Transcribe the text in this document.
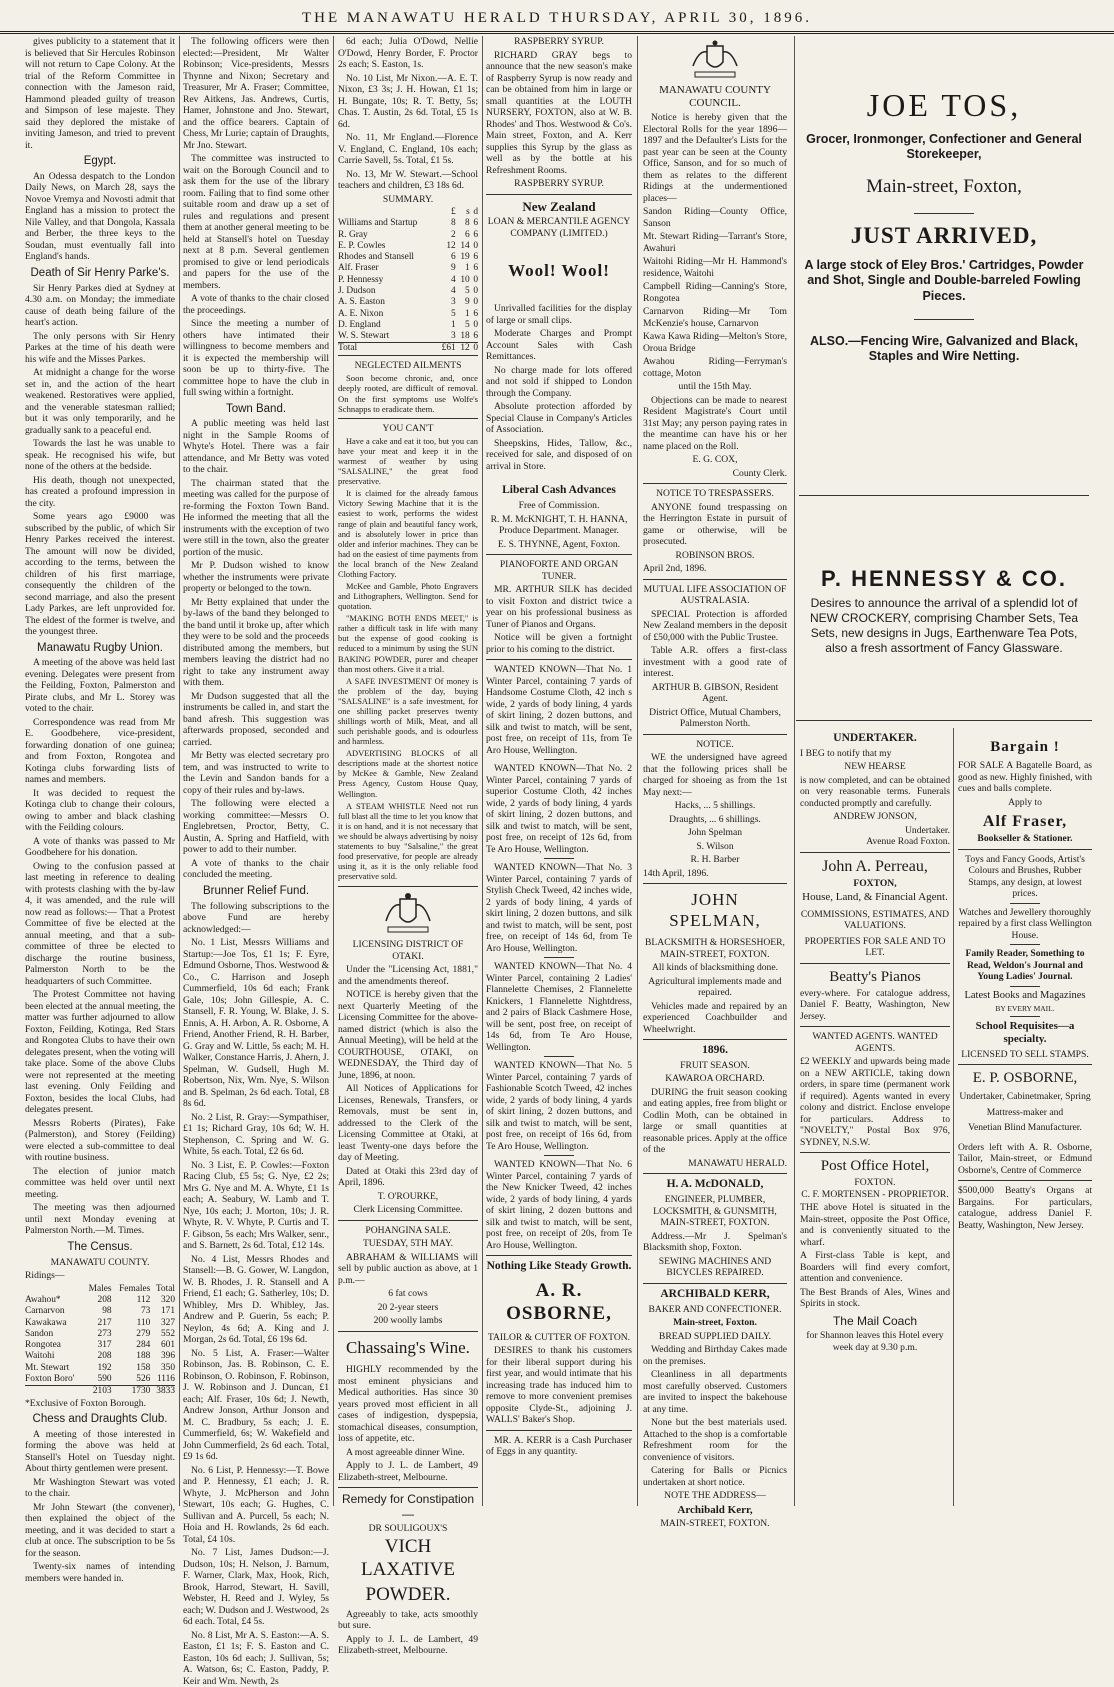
THE MANAWATU HERALD THURSDAY, APRIL 30, 1896.

gives publicity to a statement that it is believed that Sir Hercules Robinson will not return to Cape Colony. At the trial of the Reform Committee in connection with the Jameson raid, Hammond pleaded guilty of treason and Simpson of lese majeste. They said they deplored the mistake of inviting Jameson, and tried to prevent it.

Egypt.

An Odessa despatch to the London Daily News, on March 28, says the Novoe Vremya and Novosti admit that England has a mission to protect the Nile Valley, and that Dongola, Kassala and Berber, the three keys to the Soudan, must eventually fall into England's hands.

Death of Sir Henry Parke's.

Sir Henry Parkes died at Sydney at 4.30 a.m. on Monday; the immediate cause of death being failure of the heart's action.

The only persons with Sir Henry Parkes at the time of his death were his wife and the Misses Parkes.

At midnight a change for the worse set in, and the action of the heart weakened. Restoratives were applied, and the venerable statesman rallied; but it was only temporarily, and he gradually sank to a peaceful end.

Towards the last he was unable to speak. He recognised his wife, but none of the others at the bedside.

His death, though not unexpected, has created a profound impression in the city.

Some years ago £9000 was subscribed by the public, of which Sir Henry Parkes received the interest. The amount will now be divided, according to the terms, between the children of his first marriage, consequently the children of the second marriage, and also the present Lady Parkes, are left unprovided for. The eldest of the former is twelve, and the youngest three.

Manawatu Rugby Union.

A meeting of the above was held last evening. Delegates were present from the Feilding, Foxton, Palmerston and Pirate clubs, and Mr L. Storey was voted to the chair.

Correspondence was read from Mr E. Goodbehere, vice-president, forwarding donation of one guinea; and from Foxton, Rongotea and Kotinga clubs forwarding lists of names and members.

It was decided to request the Kotinga club to change their colours, owing to amber and black clashing with the Feilding colours.

A vote of thanks was passed to Mr Goodbehere for his donation.

Owing to the confusion passed at last meeting in reference to dealing with protests clashing with the by-law 4, it was amended, and the rule will now read as follows:— That a Protest Committee of five be elected at the annual meeting, and that a sub-committee of three be elected to discharge the routine business, Palmerston North to be the headquarters of such Committee.

The Protest Committee not having been elected at the annual meeting, the matter was further adjourned to allow Foxton, Feilding, Kotinga, Red Stars and Rongotea Clubs to have their own delegates present, when the voting will take place. Some of the above Clubs were not represented at the meeting last evening. Only Feilding and Foxton, besides the local Clubs, had delegates present.

Messrs Roberts (Pirates), Fake (Palmerston), and Storey (Feilding) were elected a sub-committee to deal with routine business.

The election of junior match committee was held over until next meeting.

The meeting was then adjourned until next Monday evening at Palmerston North.—M. Times.

The Census.

MANAWATU COUNTY.

Ridings—

	Males	Females	Total
Awahou*	208	112	320
Carnarvon	98	73	171
Kawakawa	217	110	327
Sandon	273	279	552
Rongotea	317	284	601
Waitohi	208	188	396
Mt. Stewart	192	158	350
Foxton Boro'	590	526	1116
	2103	1730	3833

*Exclusive of Foxton Borough.

Chess and Draughts Club.

A meeting of those interested in forming the above was held at Stansell's Hotel on Tuesday night. About thirty gentlemen were present.

Mr Washington Stewart was voted to the chair.

Mr John Stewart (the convener), then explained the object of the meeting, and it was decided to start a club at once. The subscription to be 5s for the season.

Twenty-six names of intending members were handed in.

The following officers were then elected:—President, Mr Walter Robinson; Vice-presidents, Messrs Thynne and Nixon; Secretary and Treasurer, Mr A. Fraser; Committee, Rev Aitkens, Jas. Andrews, Curtis, Hamer, Johnstone and Jno. Stewart, and the office bearers. Captain of Chess, Mr Lurie; captain of Draughts, Mr Jno. Stewart.

The committee was instructed to wait on the Borough Council and to ask them for the use of the library room. Failing that to find some other suitable room and draw up a set of rules and regulations and present them at another general meeting to be held at Stansell's hotel on Tuesday next at 8 p.m. Several gentlemen promised to give or lend periodicals and papers for the use of the members.

A vote of thanks to the chair closed the proceedings.

Since the meeting a number of others have intimated their willingness to become members and it is expected the membership will soon be up to thirty-five. The committee hope to have the club in full swing within a fortnight.

Town Band.

A public meeting was held last night in the Sample Rooms of Whyte's Hotel. There was a fair attendance, and Mr Betty was voted to the chair.

The chairman stated that the meeting was called for the purpose of re-forming the Foxton Town Band. He informed the meeting that all the instruments with the exception of two were still in the town, also the greater portion of the music.

Mr P. Dudson wished to know whether the instruments were private property or belonged to the town.

Mr Betty explained that under the by-laws of the band they belonged to the band until it broke up, after which they were to be sold and the proceeds distributed among the members, but members leaving the district had no right to take any instrument away with them.

Mr Dudson suggested that all the instruments be called in, and start the band afresh. This suggestion was afterwards proposed, seconded and carried.

Mr Betty was elected secretary pro tem, and was instructed to write to the Levin and Sandon bands for a copy of their rules and by-laws.

The following were elected a working committee:—Messrs O. Englebretsen, Proctor, Betty, C. Austin, A. Spring and Hatfield, with power to add to their number.

A vote of thanks to the chair concluded the meeting.

Brunner Relief Fund.

The following subscriptions to the above Fund are hereby acknowledged:—

No. 1 List, Messrs Williams and Startup:—Joe Tos, £1 1s; F. Eyre, Edmund Osborne, Thos. Westwood & Co., C. Harrison and Joseph Cummerfield, 10s 6d each; Frank Gale, 10s; John Gillespie, A. C. Stansell, F. R. Young, W. Blake, J. S. Ennis, A. H. Arbon, A. R. Osborne, A Friend, Another Friend, R. H. Barber, G. Gray and W. Little, 5s each; M. H. Walker, Constance Harris, J. Ahern, J. Spelman, W. Gudsell, Hugh M. Robertson, Nix, Wm. Nye, S. Wilson and B. Spelman, 2s 6d each. Total, £8 8s 6d.

No. 2 List, R. Gray:—Sympathiser, £1 1s; Richard Gray, 10s 6d; W. H. Stephenson, C. Spring and W. G. White, 5s each. Total, £2 6s 6d.

No. 3 List, E. P. Cowles:—Foxton Racing Club, £5 5s; G. Nye, £2 2s; Mrs G. Nye and M. A. Whyte, £1 1s each; A. Seabury, W. Lamb and T. Nye, 10s each; J. Morton, 10s; J. R. Whyte, R. V. Whyte, P. Curtis and T. F. Gibson, 5s each; Mrs Walker, senr., and S. Barnett, 2s 6d. Total, £12 14s.

No. 4 List, Messrs Rhodes and Stansell:—B. G. Gower, W. Langdon, W. B. Rhodes, J. R. Stansell and A Friend, £1 each; G. Satherley, 10s; D. Whibley, Mrs D. Whibley, Jas. Andrew and P. Guerin, 5s each; P. Neylon, 4s 6d; A. King and J. Morgan, 2s 6d. Total, £6 19s 6d.

No. 5 List, A. Fraser:—Walter Robinson, Jas. B. Robinson, C. E. Robinson, O. Robinson, F. Robinson, J. W. Robinson and J. Duncan, £1 each; Alf. Fraser, 10s 6d; J. Newth, Andrew Jonson, Arthur Jonson and M. C. Bradbury, 5s each; J. E. Cummerfield, 6s; W. Wakefield and John Cummerfield, 2s 6d each. Total, £9 1s 6d.

No. 6 List, P. Hennessy:—T. Bowe and P. Hennessy, £1 each; J. R. Whyte, J. McPherson and John Stewart, 10s each; G. Hughes, C. Sullivan and A. Purcell, 5s each; N. Hoia and H. Rowlands, 2s 6d each. Total, £4 10s.

No. 7 List, James Dudson:—J. Dudson, 10s; H. Nelson, J. Barnum, F. Warner, Clark, Max, Hook, Rich, Brook, Harrod, Stewart, H. Savill, Webster, H. Reed and J. Wyley, 5s each; W. Dudson and J. Westwood, 2s 6d each. Total, £4 5s.

No. 8 List, Mr A. S. Easton:—A. S. Easton, £1 1s; F. S. Easton and C. Easton, 10s 6d each; J. Sullivan, 5s; A. Watson, 6s; C. Easton, Paddy, P. Keir and Wm. Newth, 2s

6d each; Julia O'Dowd, Nellie O'Dowd, Henry Border, F. Proctor 2s each; S. Easton, 1s.

No. 10 List, Mr Nixon.—A. E. T. Nixon, £3 3s; J. H. Howan, £1 1s; H. Bungate, 10s; R. T. Betty, 5s; Chas. T. Austin, 2s 6d. Total, £5 1s 6d.

No. 11, Mr England.—Florence V. England, C. England, 10s each; Carrie Savell, 5s. Total, £1 5s.

No. 13, Mr W. Stewart.—School teachers and children, £3 18s 6d.

SUMMARY.

	£	s	d
Williams and Startup	8	8	6
R. Gray	2	6	6
E. P. Cowles	12	14	0
Rhodes and Stansell	6	19	6
Alf. Fraser	9	1	6
P. Hennessy	4	10	0
J. Dudson	4	5	0
A. S. Easton	3	9	0
A. E. Nixon	5	1	6
D. England	1	5	0
W. S. Stewart	3	18	6
Total	£61	12	0

NEGLECTED AILMENTS

Soon become chronic, and, once deeply rooted, are difficult of removal. On the first symptoms use Wolfe's Schnapps to eradicate them.

YOU CAN'T

Have a cake and eat it too, but you can have your meat and keep it in the warmest of weather by using "SALSALINE," the great food preservative.

It is claimed for the already famous Victory Sewing Machine that it is the easiest to work, performs the widest range of plain and beautiful fancy work, and is absolutely lower in price than older and inferior machines. They can be had on the easiest of time payments from the local branch of the New Zealand Clothing Factory.

McKee and Gamble, Photo Engravers and Lithographers, Wellington. Send for quotation.

"MAKING BOTH ENDS MEET," is rather a difficult task in life with many but the expense of good cooking is reduced to a minimum by using the SUN BAKING POWDER, purer and cheaper than most others. Give it a trial.

A SAFE INVESTMENT Of money is the problem of the day, buying "SALSALINE" is a safe investment, for one shilling packet preserves twenty shillings worth of Milk, Meat, and all such perishable goods, and is odourless and harmless.

ADVERTISING BLOCKS of all descriptions made at the shortest notice by McKee & Gamble, New Zealand Press Agency, Custom House Quay, Wellington.

A STEAM WHISTLE Need not run full blast all the time to let you know that it is on hand, and it is not necessary that we should be always advertising by noisy statements to buy "Salsaline," the great food preservative, for people are already using it, as it is the only reliable food preservative sold.

LICENSING DISTRICT OF OTAKI.

Under the "Licensing Act, 1881," and the amendments thereof.

NOTICE is hereby given that the next Quarterly Meeting of the Licensing Committee for the above-named district (which is also the Annual Meeting), will be held at the COURTHOUSE, OTAKI, on WEDNESDAY, the Third day of June, 1896, at noon.

All Notices of Applications for Licenses, Renewals, Transfers, or Removals, must be sent in, addressed to the Clerk of the Licensing Committee at Otaki, at least Twenty-one days before the day of Meeting.

Dated at Otaki this 23rd day of April, 1896.

T. O'ROURKE,

Clerk Licensing Committee.

POHANGINA SALE.

TUESDAY, 5TH MAY.

ABRAHAM & WILLIAMS will sell by public auction as above, at 1 p.m.—

6 fat cows

20 2-year steers

200 woolly lambs

Chassaing's Wine.

HIGHLY recommended by the most eminent physicians and Medical authorities. Has since 30 years proved most efficient in all cases of indigestion, dyspepsia, stomachical diseases, consumption, loss of appetite, etc.

A most agreeable dinner Wine.

Apply to J. L. de Lambert, 49 Elizabeth-street, Melbourne.

Remedy for Constipation—

DR SOULIGOUX'S

VICH LAXATIVE
POWDER.

Agreeably to take, acts smoothly but sure.

Apply to J. L. de Lambert, 49 Elizabeth-street, Melbourne.

RASPBERRY SYRUP.

RICHARD GRAY begs to announce that the new season's make of Raspberry Syrup is now ready and can be obtained from him in large or small quantities at the LOUTH NURSERY, FOXTON, also at W. B. Rhodes' and Thos. Westwood & Co's. Main street, Foxton, and A. Kerr supplies this Syrup by the glass as well as by the bottle at his Refreshment Rooms.

RASPBERRY SYRUP.

New Zealand

LOAN & MERCANTILE AGENCY COMPANY (LIMITED.)

Wool! Wool!

Unrivalled facilities for the display of large or small clips.

Moderate Charges and Prompt Account Sales with Cash Remittances.

No charge made for lots offered and not sold if shipped to London through the Company.

Absolute protection afforded by Special Clause in Company's Articles of Association.

Sheepskins, Hides, Tallow, &c., received for sale, and disposed of on arrival in Store.

Liberal Cash Advances

Free of Commission.

R. M. McKNIGHT, T. H. HANNA, Produce Department. Manager.

E. S. THYNNE, Agent, Foxton.

PIANOFORTE AND ORGAN TUNER.

MR. ARTHUR SILK has decided to visit Foxton and district twice a year on his professional business as Tuner of Pianos and Organs.

Notice will be given a fortnight prior to his coming to the district.

WANTED KNOWN—That No. 1 Winter Parcel, containing 7 yards of Handsome Costume Cloth, 42 inch s wide, 2 yards of body lining, 4 yards of skirt lining, 2 dozen buttons, and silk and twist to match, will be sent, post free, on receipt of 11s, from Te Aro House, Wellington.

WANTED KNOWN—That No. 2 Winter Parcel, containing 7 yards of superior Costume Cloth, 42 inches wide, 2 yards of body lining, 4 yards of skirt lining, 2 dozen buttons, and silk and twist to match, will be sent, post free, on receipt of 12s 6d, from Te Aro House, Wellington.

WANTED KNOWN—That No. 3 Winter Parcel, containing 7 yards of Stylish Check Tweed, 42 inches wide, 2 yards of body lining, 4 yards of skirt lining, 2 dozen buttons, and silk and twist to match, will be sent, post free, on receipt of 14s 6d, from Te Aro House, Wellington.

WANTED KNOWN—That No. 4 Winter Parcel, containing 2 Ladies' Flannelette Chemises, 2 Flannelette Knickers, 1 Flannelette Nightdress, and 2 pairs of Black Cashmere Hose, will be sent, post free, on receipt of 14s 6d, from Te Aro House, Wellington.

WANTED KNOWN—That No. 5 Winter Parcel, containing 7 yards of Fashionable Scotch Tweed, 42 inches wide, 2 yards of body lining, 4 yards of skirt lining, 2 dozen buttons, and silk and twist to match, will be sent, post free, on receipt of 16s 6d, from Te Aro House, Wellington.

WANTED KNOWN—That No. 6 Winter Parcel, containing 7 yards of the New Knicker Tweed, 42 inches wide, 2 yards of body lining, 4 yards of skirt lining, 2 dozen buttons and silk and twist to match, will be sent, post free, on receipt of 20s, from Te Aro House, Wellington.

Nothing Like Steady Growth.
A. R. OSBORNE,

TAILOR & CUTTER OF FOXTON.

DESIRES to thank his customers for their liberal support during his first year, and would intimate that his increasing trade has induced him to remove to more convenient premises opposite Clyde-St., adjoining J. WALLS' Baker's Shop.

MR. A. KERR is a Cash Purchaser of Eggs in any quantity.

MANAWATU COUNTY COUNCIL.

Notice is hereby given that the Electoral Rolls for the year 1896—1897 and the Defaulter's Lists for the past year can be seen at the County Office, Sanson, and for so much of them as relates to the different Ridings at the undermentioned places—

Sandon Riding—County Office, Sanson

Mt. Stewart Riding—Tarrant's Store, Awahuri

Waitohi Riding—Mr H. Hammond's residence, Waitohi

Campbell Riding—Canning's Store, Rongotea

Carnarvon Riding—Mr Tom McKenzie's house, Carnarvon

Kawa Kawa Riding—Melton's Store, Oroua Bridge

Awahou Riding—Ferryman's cottage, Moton

until the 15th May.

Objections can be made to nearest Resident Magistrate's Court until 31st May; any person paying rates in the meantime can have his or her name placed on the Roll.

E. G. COX,

County Clerk.

NOTICE TO TRESPASSERS.

ANYONE found trespassing on the Herrington Estate in pursuit of game or otherwise, will be prosecuted.

ROBINSON BROS.

April 2nd, 1896.

MUTUAL LIFE ASSOCIATION OF AUSTRALASIA.

SPECIAL Protection is afforded New Zealand members in the deposit of £50,000 with the Public Trustee.

Table A.R. offers a first-class investment with a good rate of interest.

ARTHUR B. GIBSON, Resident Agent.

District Office, Mutual Chambers, Palmerston North.

NOTICE.

WE the undersigned have agreed that the following prices shall be charged for shoeing as from the 1st May next:—

Hacks, ... 5 shillings.

Draughts, ... 6 shillings.

John Spelman

S. Wilson

R. H. Barber

14th April, 1896.

JOHN SPELMAN,

BLACKSMITH & HORSESHOER, MAIN-STREET, FOXTON.

All kinds of blacksmithing done.

Agricultural implements made and repaired.

Vehicles made and repaired by an experienced Coachbuilder and Wheelwright.

1896.

FRUIT SEASON.

KAWAROA ORCHARD.

DURING the fruit season cooking and eating apples, free from blight or Codlin Moth, can be obtained in large or small quantities at reasonable prices. Apply at the office of the

MANAWATU HERALD.

H. A. McDONALD,

ENGINEER, PLUMBER, LOCKSMITH, & GUNSMITH, MAIN-STREET, FOXTON.

Address.—Mr J. Spelman's Blacksmith shop, Foxton.

SEWING MACHINES AND BICYCLES REPAIRED.

ARCHIBALD KERR,

BAKER AND CONFECTIONER.

Main-street, Foxton.

BREAD SUPPLIED DAILY.

Wedding and Birthday Cakes made on the premises.

Cleanliness in all departments most carefully observed. Customers are invited to inspect the bakehouse at any time.

None but the best materials used. Attached to the shop is a comfortable Refreshment room for the convenience of visitors.

Catering for Balls or Picnics undertaken at short notice.

NOTE THE ADDRESS—

Archibald Kerr,

MAIN-STREET, FOXTON.

JOE TOS,
Grocer, Ironmonger, Confectioner and General Storekeeper,
Main-street, Foxton,
JUST ARRIVED,
A large stock of Eley Bros.' Cartridges, Powder and Shot, Single and Double-barreled Fowling Pieces.
ALSO.—Fencing Wire, Galvanized and Black, Staples and Wire Netting.
P. HENNESSY & CO.
Desires to announce the arrival of a splendid lot of NEW CROCKERY, comprising Chamber Sets, Tea Sets, new designs in Jugs, Earthenware Tea Pots, also a fresh assortment of Fancy Glassware.
UNDERTAKER.

I BEG to notify that my

NEW HEARSE

is now completed, and can be obtained on very reasonable terms. Funerals conducted promptly and carefully.

ANDREW JONSON,

Undertaker.

Avenue Road Foxton.

John A. Perreau,

FOXTON,

House, Land, & Financial Agent.

COMMISSIONS, ESTIMATES, AND VALUATIONS.

PROPERTIES FOR SALE AND TO LET.

Beatty's Pianos

every-where. For catalogue address, Daniel F. Beatty, Washington, New Jersey.

WANTED AGENTS. WANTED AGENTS.

£2 WEEKLY and upwards being made on a NEW ARTICLE, taking down orders, in spare time (permanent work if required). Agents wanted in every colony and district. Enclose envelope for particulars. Address to "NOVELTY," Postal Box 976, SYDNEY, N.S.W.

Post Office Hotel,

FOXTON.

C. F. MORTENSEN - PROPRIETOR.

THE above Hotel is situated in the Main-street, opposite the Post Office, and is conveniently situated to the wharf.

A First-class Table is kept, and Boarders will find every comfort, attention and convenience.

The Best Brands of Ales, Wines and Spirits in stock.

The Mail Coach

for Shannon leaves this Hotel every week day at 9.30 p.m.

Bargain !

FOR SALE A Bagatelle Board, as good as new. Highly finished, with cues and balls complete.

Apply to

Alf Fraser,

Bookseller & Stationer.

Toys and Fancy Goods, Artist's Colours and Brushes, Rubber Stamps, any design, at lowest prices.

Watches and Jewellery thoroughly repaired by a first class Wellington House.

Family Reader, Something to Read, Weldon's Journal and Young Ladies' Journal.

Latest Books and Magazines

BY EVERY MAIL.

School Requisites—a specialty.

LICENSED TO SELL STAMPS.

E. P. OSBORNE,

Undertaker, Cabinetmaker, Spring

Mattress-maker and

Venetian Blind Manufacturer.

Orders left with A. R. Osborne, Tailor, Main-street, or Edmund Osborne's, Centre of Commerce

$500,000 Beatty's Organs at Bargains. For particulars, catalogue, address Daniel F. Beatty, Washington, New Jersey.
